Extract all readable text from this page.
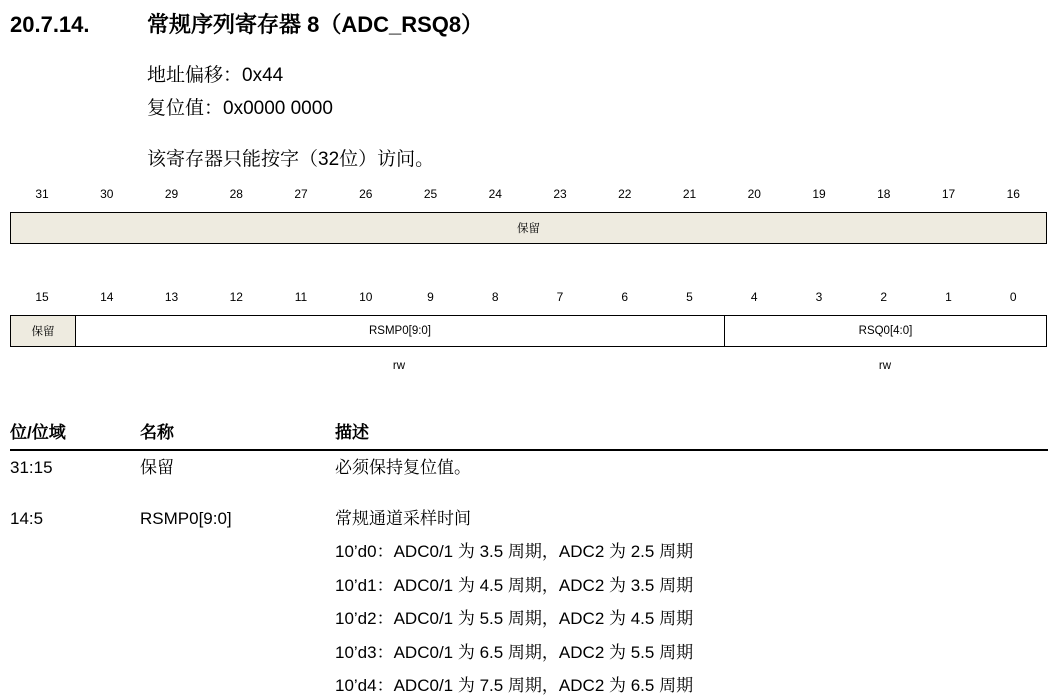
20.7.14.	常规序列寄存器 8（ADC_RSQ8）
地址偏移：0x44
复位值：0x0000 0000
该寄存器只能按字（32位）访问。
31	30	29	28	27	26	25	24	23	22	21	20	19	18	17	16
保留
15	14	13	12	11	10	9	8	7	6	5	4	3	2	1	0
保留	RSMP0[9:0]	RSQ0[4:0]
rw	rw
位/位域	名称	描述
31:15	保留	必须保持复位值。
14:5	RSMP0[9:0]	常规通道采样时间
10’d0：ADC0/1 为 3.5 周期，ADC2 为 2.5 周期
10’d1：ADC0/1 为 4.5 周期，ADC2 为 3.5 周期
10’d2：ADC0/1 为 5.5 周期，ADC2 为 4.5 周期
10’d3：ADC0/1 为 6.5 周期，ADC2 为 5.5 周期
10’d4：ADC0/1 为 7.5 周期，ADC2 为 6.5 周期
